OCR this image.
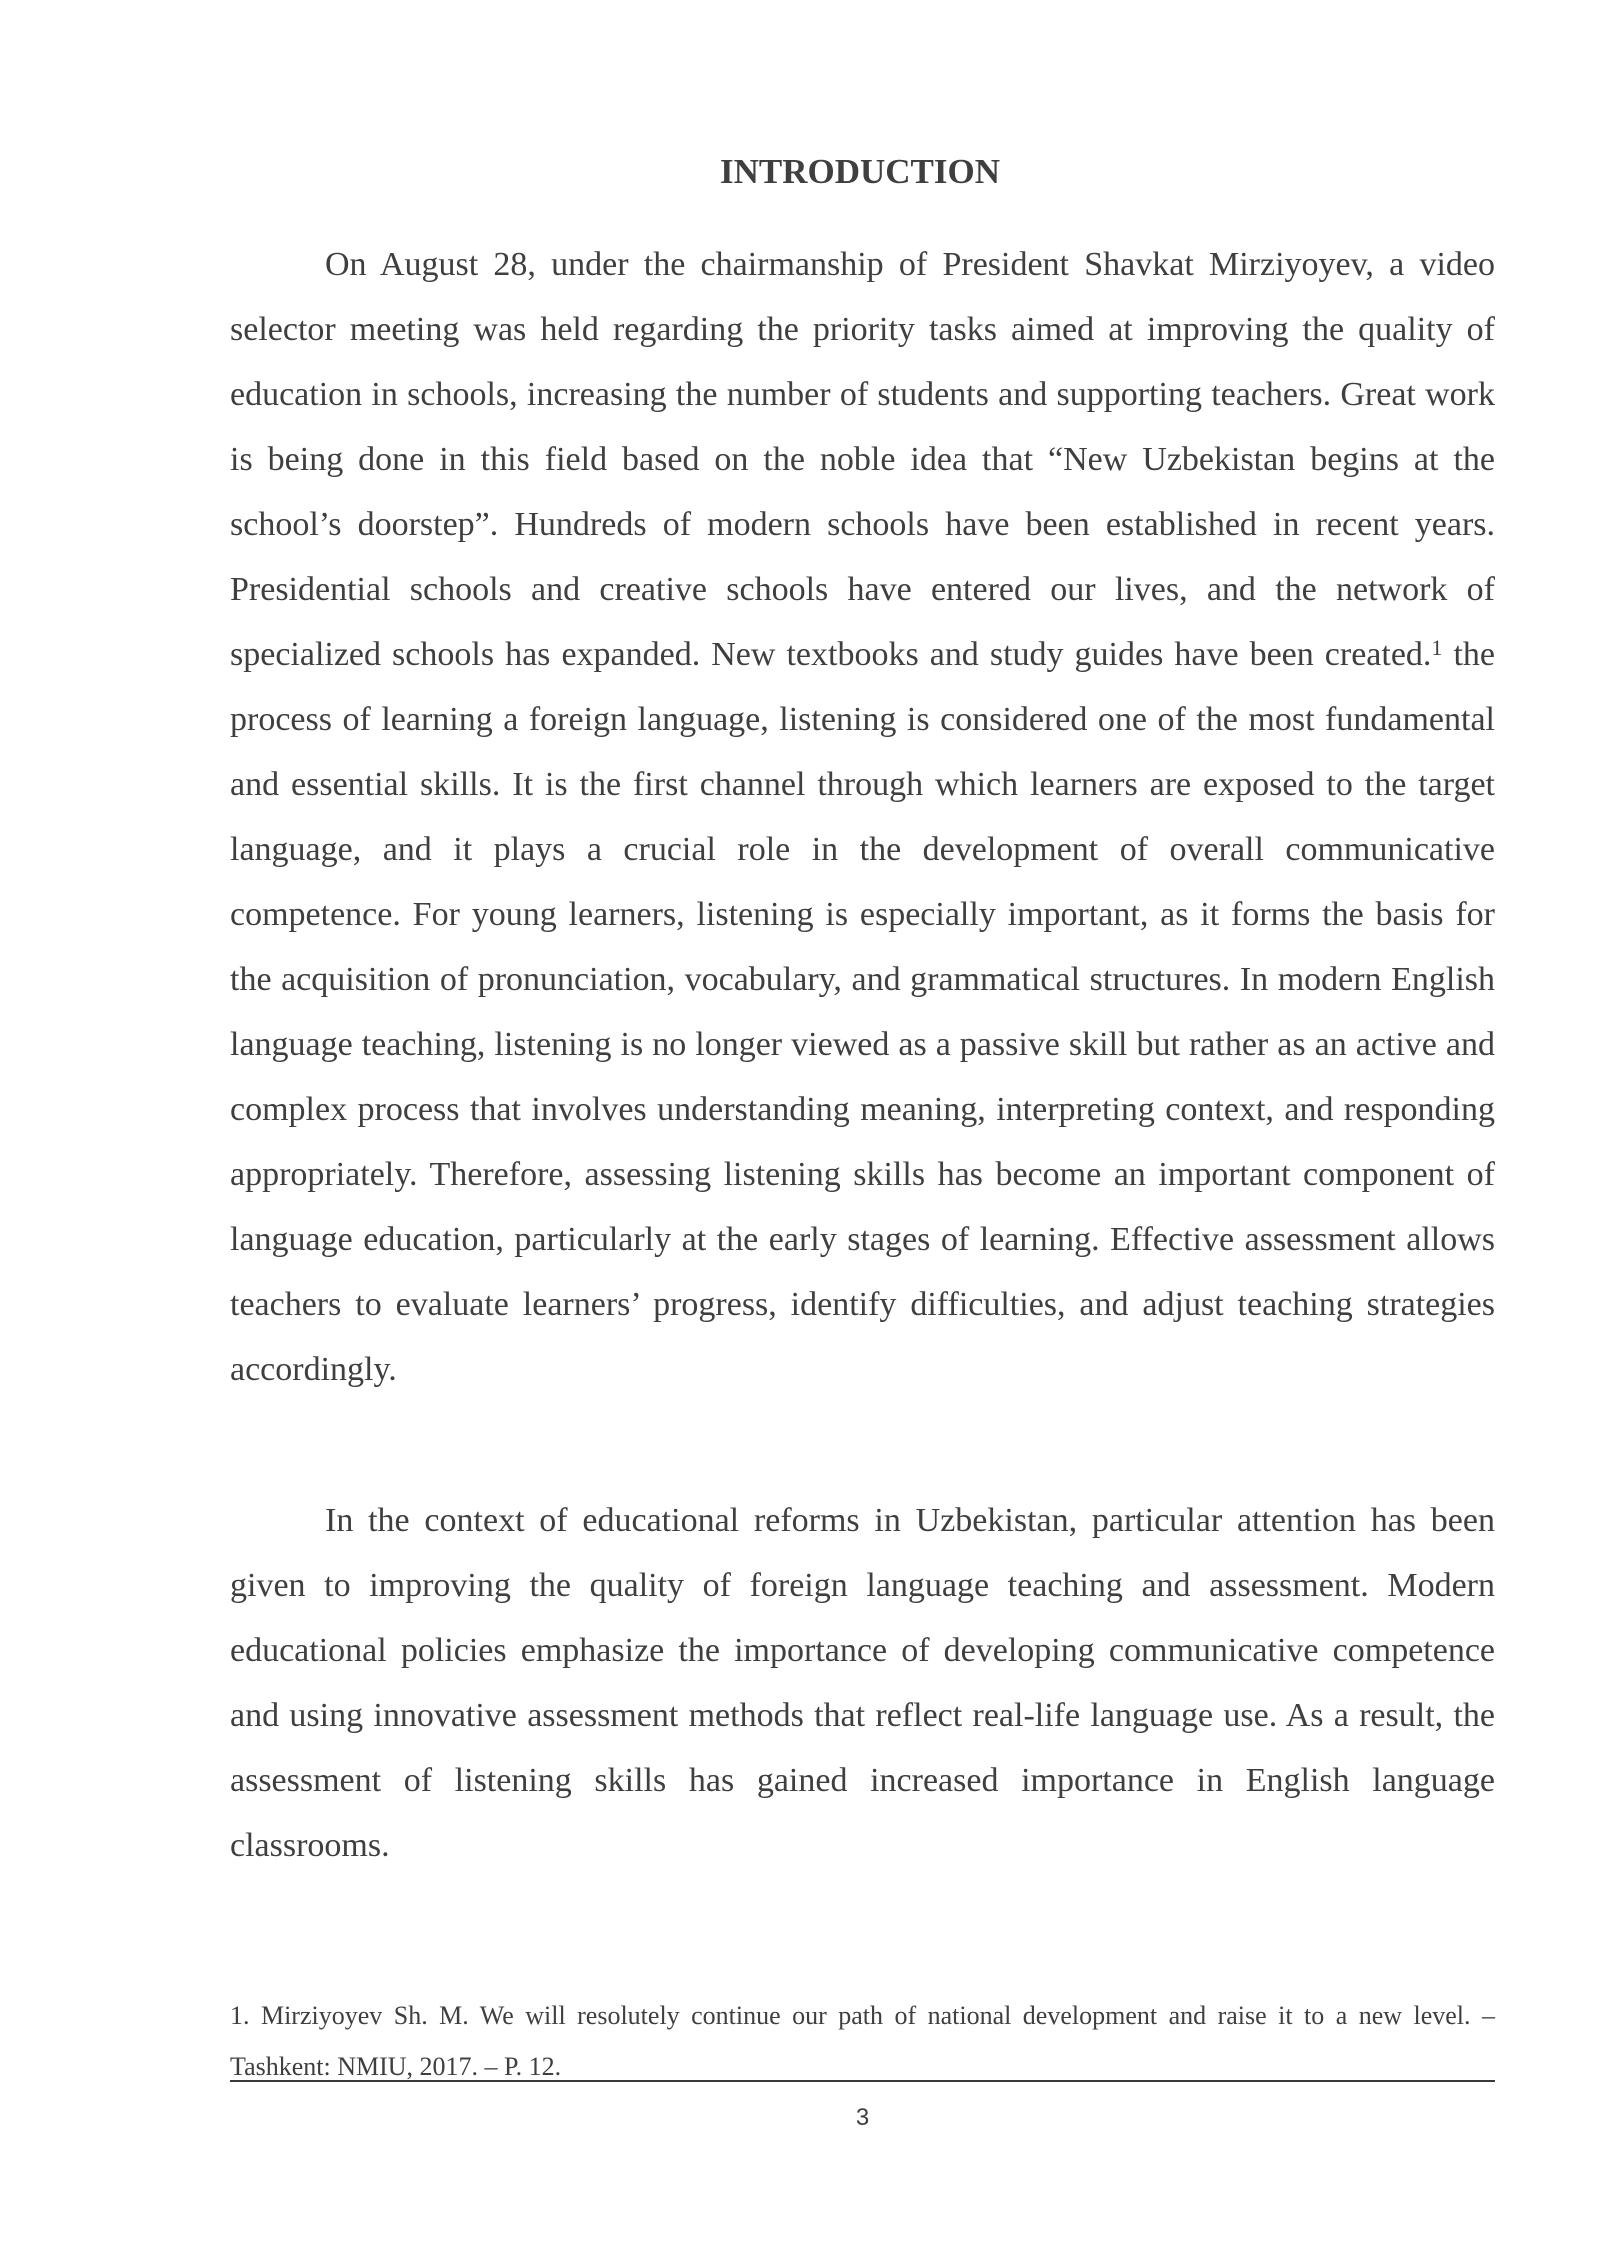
INTRODUCTION

On August 28, under the chairmanship of President Shavkat Mirziyoyev, a video selector meeting was held regarding the priority tasks aimed at improving the quality of education in schools, increasing the number of students and supporting teachers. Great work is being done in this field based on the noble idea that “New Uzbekistan begins at the school’s doorstep”. Hundreds of modern schools have been established in recent years. Presidential schools and creative schools have entered our lives, and the network of specialized schools has expanded. New textbooks and study guides have been created.$^1$ the process of learning a foreign language, listening is considered one of the most fundamental and essential skills. It is the first channel through which learners are exposed to the target language, and it plays a crucial role in the development of overall communicative competence. For young learners, listening is especially important, as it forms the basis for the acquisition of pronunciation, vocabulary, and grammatical structures. In modern English language teaching, listening is no longer viewed as a passive skill but rather as an active and complex process that involves understanding meaning, interpreting context, and responding appropriately. Therefore, assessing listening skills has become an important component of language education, particularly at the early stages of learning. Effective assessment allows teachers to evaluate learners’ progress, identify difficulties, and adjust teaching strategies accordingly.

In the context of educational reforms in Uzbekistan, particular attention has been given to improving the quality of foreign language teaching and assessment. Modern educational policies emphasize the importance of developing communicative competence and using innovative assessment methods that reflect real-life language use. As a result, the assessment of listening skills has gained increased importance in English language classrooms.

1. Mirziyoyev Sh. M. We will resolutely continue our path of national development and raise it to a new level. – Tashkent: NMIU, 2017. – P. 12.

3
